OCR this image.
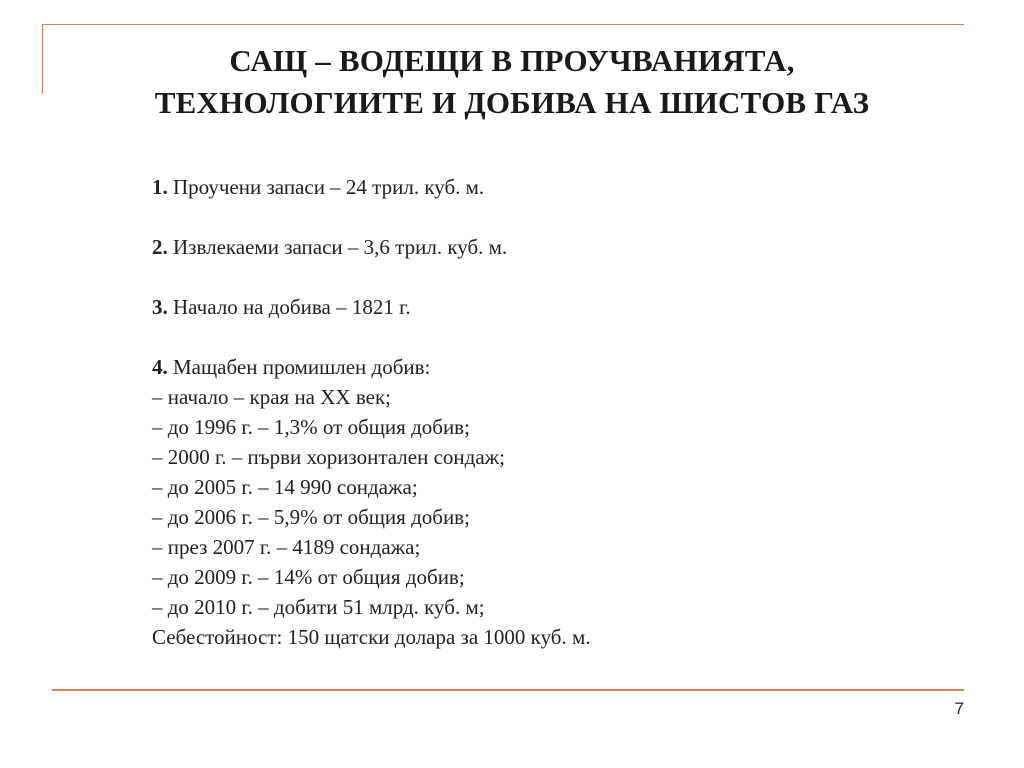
САЩ – ВОДЕЩИ В ПРОУЧВАНИЯТА,
ТЕХНОЛОГИИТЕ И ДОБИВА НА ШИСТОВ ГАЗ

1. Проучени запаси – 24 трил. куб. м.

2. Извлекаеми запаси – 3,6 трил. куб. м.

3. Начало на добива – 1821 г.

4. Мащабен промишлен добив:

– начало – края на ХХ век;

– до 1996 г. – 1,3% от общия добив;

– 2000 г. – първи хоризонтален сондаж;

– до 2005 г. – 14 990 сондажа;

– до 2006 г. – 5,9% от общия добив;

– през 2007 г. – 4189 сондажа;

– до 2009 г. – 14% от общия добив;

– до 2010 г. – добити 51 млрд. куб. м;

Себестойност: 150 щатски долара за 1000 куб. м.

7
